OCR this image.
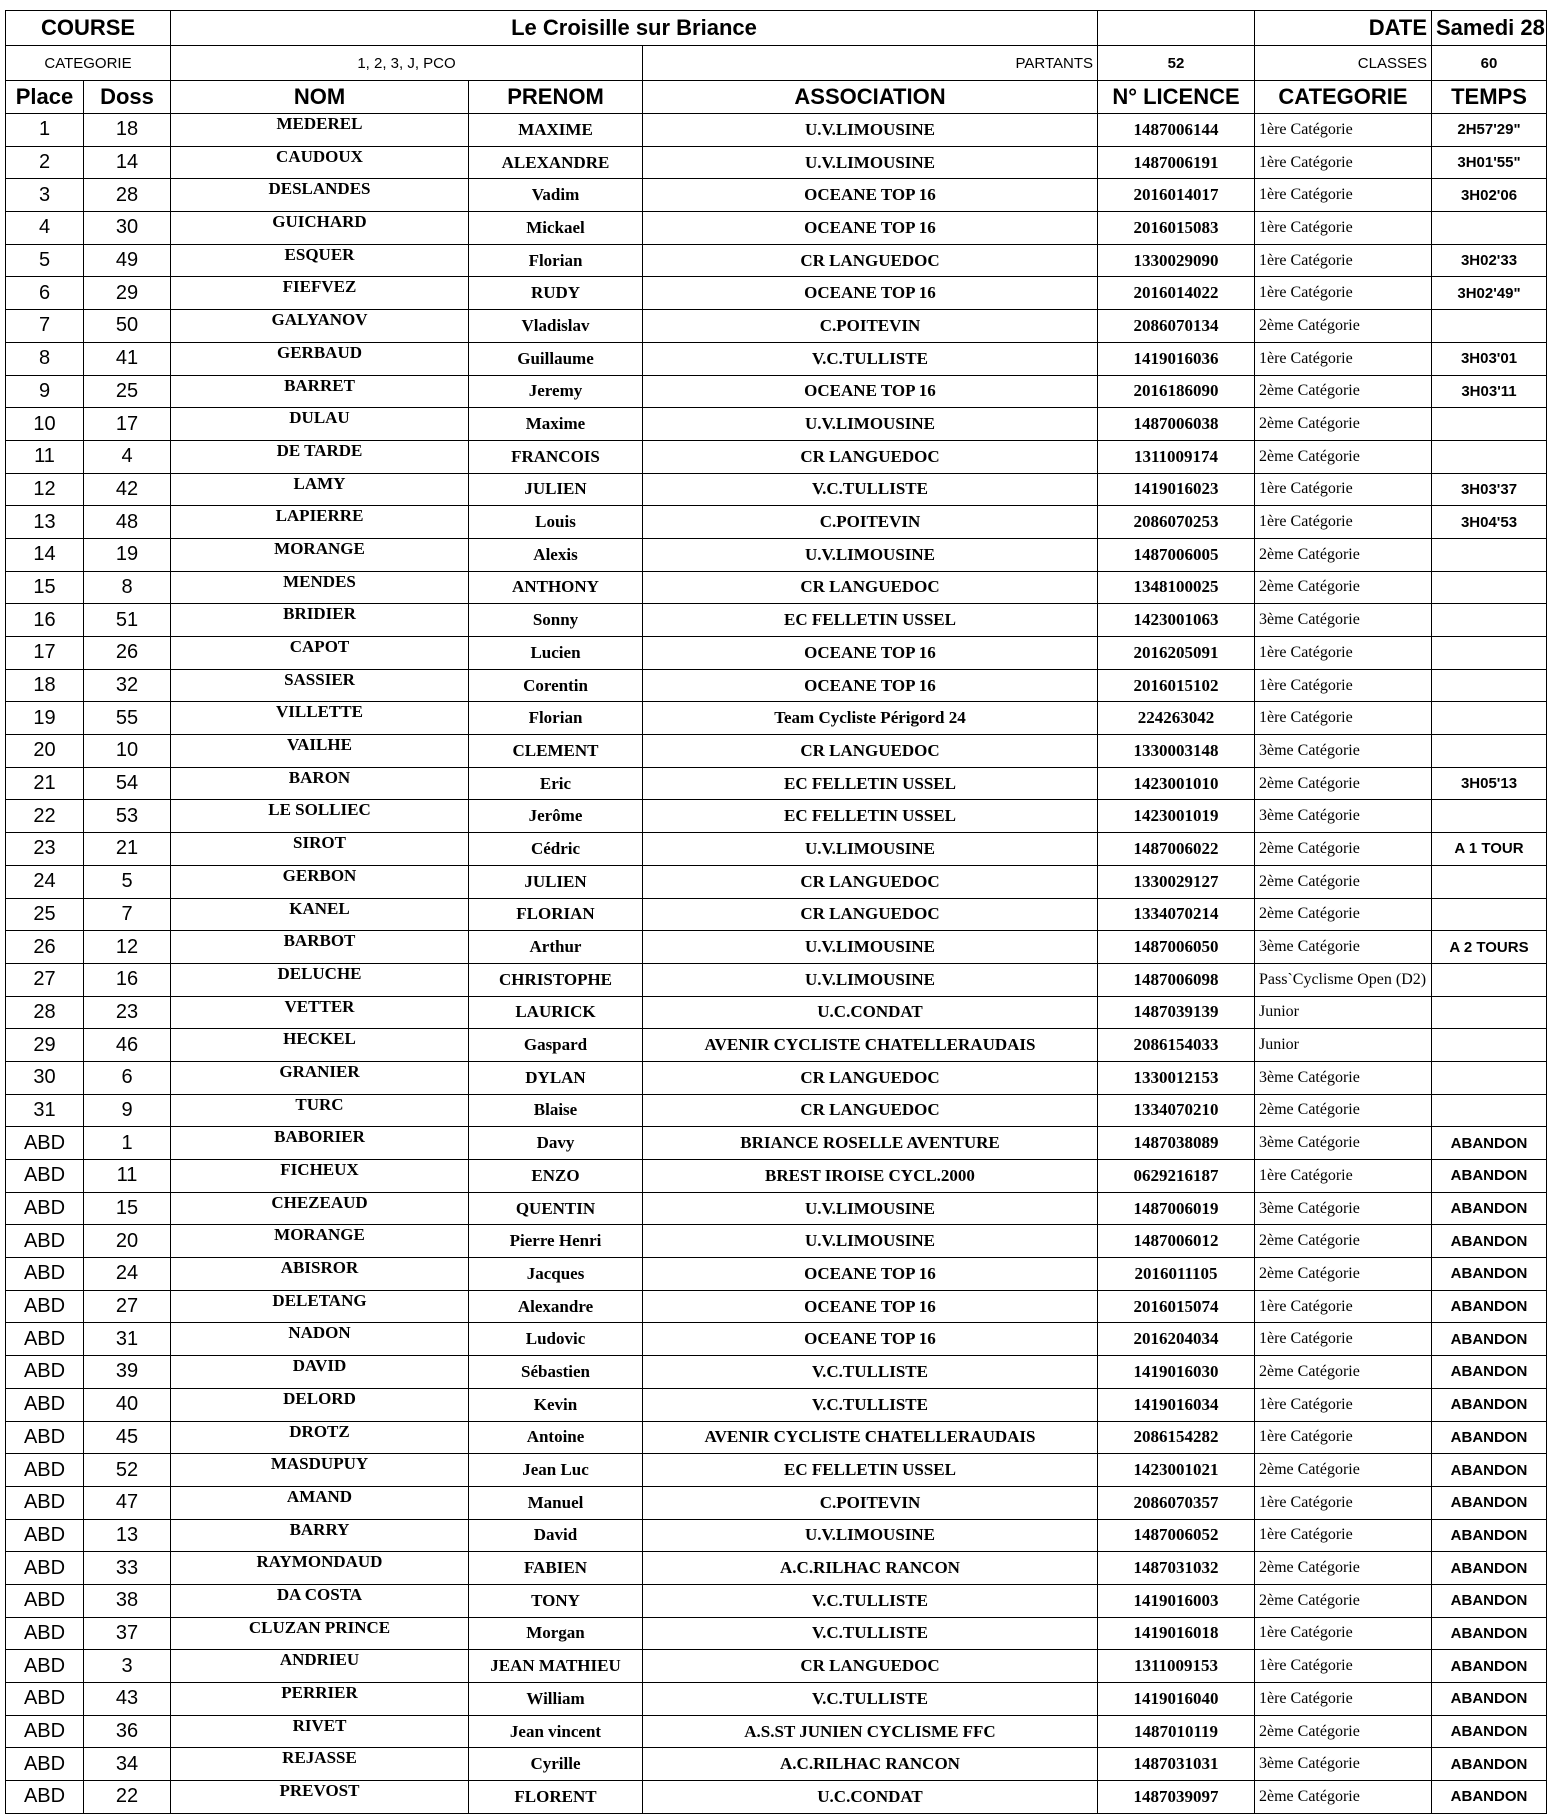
COURSE		Le Croisille sur Briance				DATE	Samedi 28
CATEGORIE		1, 2, 3, J, PCO		PARTANTS	52	CLASSES	60
Place	Doss	NOM	PRENOM	ASSOCIATION	N° LICENCE	CATEGORIE	TEMPS
1	18	MEDEREL	MAXIME	U.V.LIMOUSINE	1487006144	1ère Catégorie	2H57'29"
2	14	CAUDOUX	ALEXANDRE	U.V.LIMOUSINE	1487006191	1ère Catégorie	3H01'55"
3	28	DESLANDES	Vadim	OCEANE TOP 16	2016014017	1ère Catégorie	3H02'06
4	30	GUICHARD	Mickael	OCEANE TOP 16	2016015083	1ère Catégorie	
5	49	ESQUER	Florian	CR LANGUEDOC	1330029090	1ère Catégorie	3H02'33
6	29	FIEFVEZ	RUDY	OCEANE TOP 16	2016014022	1ère Catégorie	3H02'49"
7	50	GALYANOV	Vladislav	C.POITEVIN	2086070134	2ème Catégorie	
8	41	GERBAUD	Guillaume	V.C.TULLISTE	1419016036	1ère Catégorie	3H03'01
9	25	BARRET	Jeremy	OCEANE TOP 16	2016186090	2ème Catégorie	3H03'11
10	17	DULAU	Maxime	U.V.LIMOUSINE	1487006038	2ème Catégorie	
11	4	DE TARDE	FRANCOIS	CR LANGUEDOC	1311009174	2ème Catégorie	
12	42	LAMY	JULIEN	V.C.TULLISTE	1419016023	1ère Catégorie	3H03'37
13	48	LAPIERRE	Louis	C.POITEVIN	2086070253	1ère Catégorie	3H04'53
14	19	MORANGE	Alexis	U.V.LIMOUSINE	1487006005	2ème Catégorie	
15	8	MENDES	ANTHONY	CR LANGUEDOC	1348100025	2ème Catégorie	
16	51	BRIDIER	Sonny	EC FELLETIN USSEL	1423001063	3ème Catégorie	
17	26	CAPOT	Lucien	OCEANE TOP 16	2016205091	1ère Catégorie	
18	32	SASSIER	Corentin	OCEANE TOP 16	2016015102	1ère Catégorie	
19	55	VILLETTE	Florian	Team Cycliste Périgord 24	224263042	1ère Catégorie	
20	10	VAILHE	CLEMENT	CR LANGUEDOC	1330003148	3ème Catégorie	
21	54	BARON	Eric	EC FELLETIN USSEL	1423001010	2ème Catégorie	3H05'13
22	53	LE SOLLIEC	Jerôme	EC FELLETIN USSEL	1423001019	3ème Catégorie	
23	21	SIROT	Cédric	U.V.LIMOUSINE	1487006022	2ème Catégorie	A 1 TOUR
24	5	GERBON	JULIEN	CR LANGUEDOC	1330029127	2ème Catégorie	
25	7	KANEL	FLORIAN	CR LANGUEDOC	1334070214	2ème Catégorie	
26	12	BARBOT	Arthur	U.V.LIMOUSINE	1487006050	3ème Catégorie	A 2 TOURS
27	16	DELUCHE	CHRISTOPHE	U.V.LIMOUSINE	1487006098	Pass`Cyclisme Open (D2)	
28	23	VETTER	LAURICK	U.C.CONDAT	1487039139	Junior	
29	46	HECKEL	Gaspard	AVENIR CYCLISTE CHATELLERAUDAIS	2086154033	Junior	
30	6	GRANIER	DYLAN	CR LANGUEDOC	1330012153	3ème Catégorie	
31	9	TURC	Blaise	CR LANGUEDOC	1334070210	2ème Catégorie	
ABD	1	BABORIER	Davy	BRIANCE ROSELLE AVENTURE	1487038089	3ème Catégorie	ABANDON
ABD	11	FICHEUX	ENZO	BREST IROISE CYCL.2000	0629216187	1ère Catégorie	ABANDON
ABD	15	CHEZEAUD	QUENTIN	U.V.LIMOUSINE	1487006019	3ème Catégorie	ABANDON
ABD	20	MORANGE	Pierre Henri	U.V.LIMOUSINE	1487006012	2ème Catégorie	ABANDON
ABD	24	ABISROR	Jacques	OCEANE TOP 16	2016011105	2ème Catégorie	ABANDON
ABD	27	DELETANG	Alexandre	OCEANE TOP 16	2016015074	1ère Catégorie	ABANDON
ABD	31	NADON	Ludovic	OCEANE TOP 16	2016204034	1ère Catégorie	ABANDON
ABD	39	DAVID	Sébastien	V.C.TULLISTE	1419016030	2ème Catégorie	ABANDON
ABD	40	DELORD	Kevin	V.C.TULLISTE	1419016034	1ère Catégorie	ABANDON
ABD	45	DROTZ	Antoine	AVENIR CYCLISTE CHATELLERAUDAIS	2086154282	1ère Catégorie	ABANDON
ABD	52	MASDUPUY	Jean Luc	EC FELLETIN USSEL	1423001021	2ème Catégorie	ABANDON
ABD	47	AMAND	Manuel	C.POITEVIN	2086070357	1ère Catégorie	ABANDON
ABD	13	BARRY	David	U.V.LIMOUSINE	1487006052	1ère Catégorie	ABANDON
ABD	33	RAYMONDAUD	FABIEN	A.C.RILHAC RANCON	1487031032	2ème Catégorie	ABANDON
ABD	38	DA COSTA	TONY	V.C.TULLISTE	1419016003	2ème Catégorie	ABANDON
ABD	37	CLUZAN PRINCE	Morgan	V.C.TULLISTE	1419016018	1ère Catégorie	ABANDON
ABD	3	ANDRIEU	JEAN MATHIEU	CR LANGUEDOC	1311009153	1ère Catégorie	ABANDON
ABD	43	PERRIER	William	V.C.TULLISTE	1419016040	1ère Catégorie	ABANDON
ABD	36	RIVET	Jean vincent	A.S.ST JUNIEN CYCLISME FFC	1487010119	2ème Catégorie	ABANDON
ABD	34	REJASSE	Cyrille	A.C.RILHAC RANCON	1487031031	3ème Catégorie	ABANDON
ABD	22	PREVOST	FLORENT	U.C.CONDAT	1487039097	2ème Catégorie	ABANDON
